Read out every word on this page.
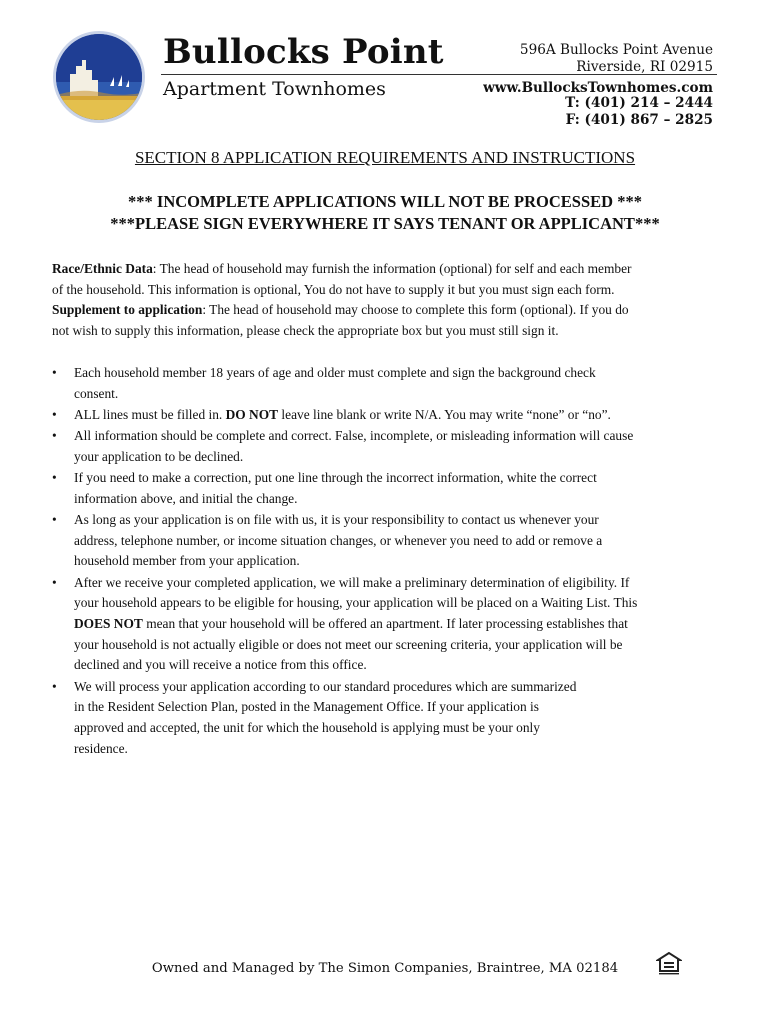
Bullocks Point
Apartment Townhomes
596A Bullocks Point Avenue
Riverside, RI 02915
www.BullocksTownhomes.com
T: (401) 214 – 2444
F: (401) 867 – 2825
SECTION 8 APPLICATION REQUIREMENTS AND INSTRUCTIONS
*** INCOMPLETE APPLICATIONS WILL NOT BE PROCESSED ***
***PLEASE SIGN EVERYWHERE IT SAYS TENANT OR APPLICANT***
Race/Ethnic Data: The head of household may furnish the information (optional) for self and each member
of the household. This information is optional, You do not have to supply it but you must sign each form.
Supplement to application: The head of household may choose to complete this form (optional). If you do
not wish to supply this information, please check the appropriate box but you must still sign it.
• Each household member 18 years of age and older must complete and sign the background check
consent.
• ALL lines must be filled in. DO NOT leave line blank or write N/A. You may write “none” or “no”.
• All information should be complete and correct. False, incomplete, or misleading information will cause
your application to be declined.
• If you need to make a correction, put one line through the incorrect information, white the correct
information above, and initial the change.
• As long as your application is on file with us, it is your responsibility to contact us whenever your
address, telephone number, or income situation changes, or whenever you need to add or remove a
household member from your application.
• After we receive your completed application, we will make a preliminary determination of eligibility. If
your household appears to be eligible for housing, your application will be placed on a Waiting List. This
DOES NOT mean that your household will be offered an apartment. If later processing establishes that
your household is not actually eligible or does not meet our screening criteria, your application will be
declined and you will receive a notice from this office.
• We will process your application according to our standard procedures which are summarized
in the Resident Selection Plan, posted in the Management Office. If your application is
approved and accepted, the unit for which the household is applying must be your only
residence.
Owned and Managed by The Simon Companies, Braintree, MA 02184
